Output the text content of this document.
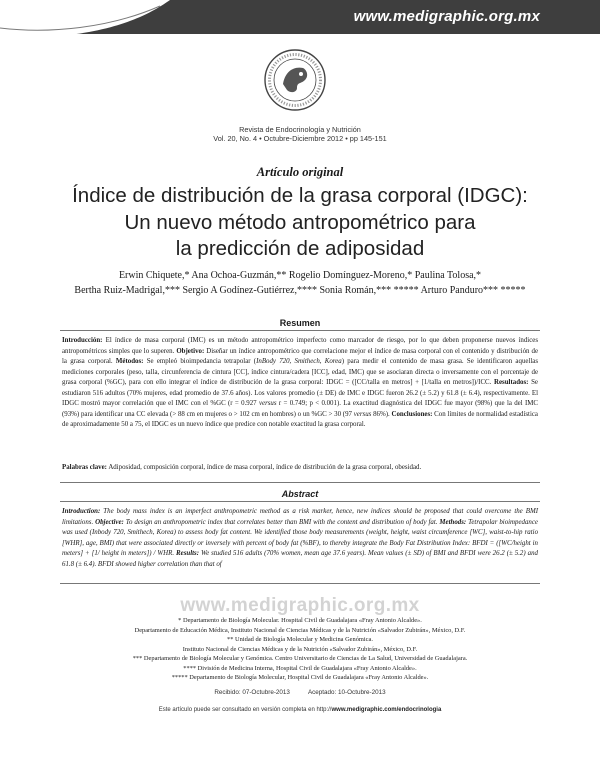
www.medigraphic.org.mx
Revista de Endocrinología y Nutrición
Vol. 20, No. 4 • Octubre-Diciembre 2012 • pp 145-151
Artículo original
Índice de distribución de la grasa corporal (IDGC):
Un nuevo método antropométrico para
la predicción de adiposidad
Erwin Chiquete,* Ana Ochoa-Guzmán,** Rogelio Domínguez-Moreno,* Paulina Tolosa,*
Bertha Ruiz-Madrigal,*** Sergio A Godínez-Gutiérrez,**** Sonia Román,*** ***** Arturo Panduro*** *****
Resumen

Introducción: El índice de masa corporal (IMC) es un método antropométrico imperfecto como marcador de riesgo, por lo que deben proponerse nuevos índices antropométricos simples que lo superen. Objetivo: Diseñar un índice antropométrico que correlacione mejor el índice de masa corporal con el contenido y distribución de la grasa corporal. Métodos: Se empleó bioimpedancia tetrapolar (InBody 720, Smithech, Korea) para medir el contenido de masa grasa. Se identificaron aquellas mediciones corporales (peso, talla, circunferencia de cintura [CC], índice cintura/cadera [ICC], edad, IMC) que se asociaran directa o inversamente con el porcentaje de grasa corporal (%GC), para con ello integrar el índice de distribución de la grasa corporal: IDGC = ([CC/talla en metros] + [1/talla en metros])/ICC. Resultados: Se estudiaron 516 adultos (70% mujeres, edad promedio de 37.6 años). Los valores promedio (± DE) de IMC e IDGC fueron 26.2 (± 5.2) y 61.8 (± 6.4), respectivamente. El IDGC mostró mayor correlación que el IMC con el %GC (r = 0.927 versus r = 0.749; p < 0.001). La exactitud diagnóstica del IDGC fue mayor (98%) que la del IMC (93%) para identificar una CC elevada (> 88 cm en mujeres o > 102 cm en hombres) o un %GC > 30 (97 versus 86%). Conclusiones: Con límites de normalidad estadística de aproximadamente 50 a 75, el IDGC es un nuevo índice que predice con notable exactitud la grasa corporal.

Palabras clave: Adiposidad, composición corporal, índice de masa corporal, índice de distribución de la grasa corporal, obesidad.

Abstract

Introduction: The body mass index is an imperfect anthropometric method as a risk marker, hence, new indices should be proposed that could overcome the BMI limitations. Objective: To design an anthropometric index that correlates better than BMI with the content and distribution of body fat. Methods: Tetrapolar bioimpedance was used (Inbody 720, Smithech, Korea) to assess body fat content. We identified those body measurements (weight, height, waist circumference [WC], waist-to-hip ratio [WHR], age, BMI) that were associated directly or inversely with percent of body fat (%BF), to thereby integrate the Body Fat Distribution Index: BFDI = ([WC/height in meters] + [1/ height in meters]) / WHR. Results: We studied 516 adults (70% women, mean age 37.6 years). Mean values (± SD) of BMI and BFDI were 26.2 (± 5.2) and 61.8 (± 6.4). BFDI showed higher correlation than that of

www.medigraphic.org.mx
* Departamento de Biología Molecular. Hospital Civil de Guadalajara «Fray Antonio Alcalde».
Departamento de Educación Médica, Instituto Nacional de Ciencias Médicas y de la Nutrición «Salvador Zubirán», México, D.F.
** Unidad de Biología Molecular y Medicina Genómica.
Instituto Nacional de Ciencias Médicas y de la Nutrición «Salvador Zubirán», México, D.F.
*** Departamento de Biología Molecular y Genómica. Centro Universitario de Ciencias de La Salud, Universidad de Guadalajara.
**** División de Medicina Interna, Hospital Civil de Guadalajara «Fray Antonio Alcalde».
***** Departamento de Biología Molecular, Hospital Civil de Guadalajara «Fray Antonio Alcalde».
Recibido: 07-Octubre-2013	Aceptado: 10-Octubre-2013
Este artículo puede ser consultado en versión completa en http://www.medigraphic.com/endocrinologia
